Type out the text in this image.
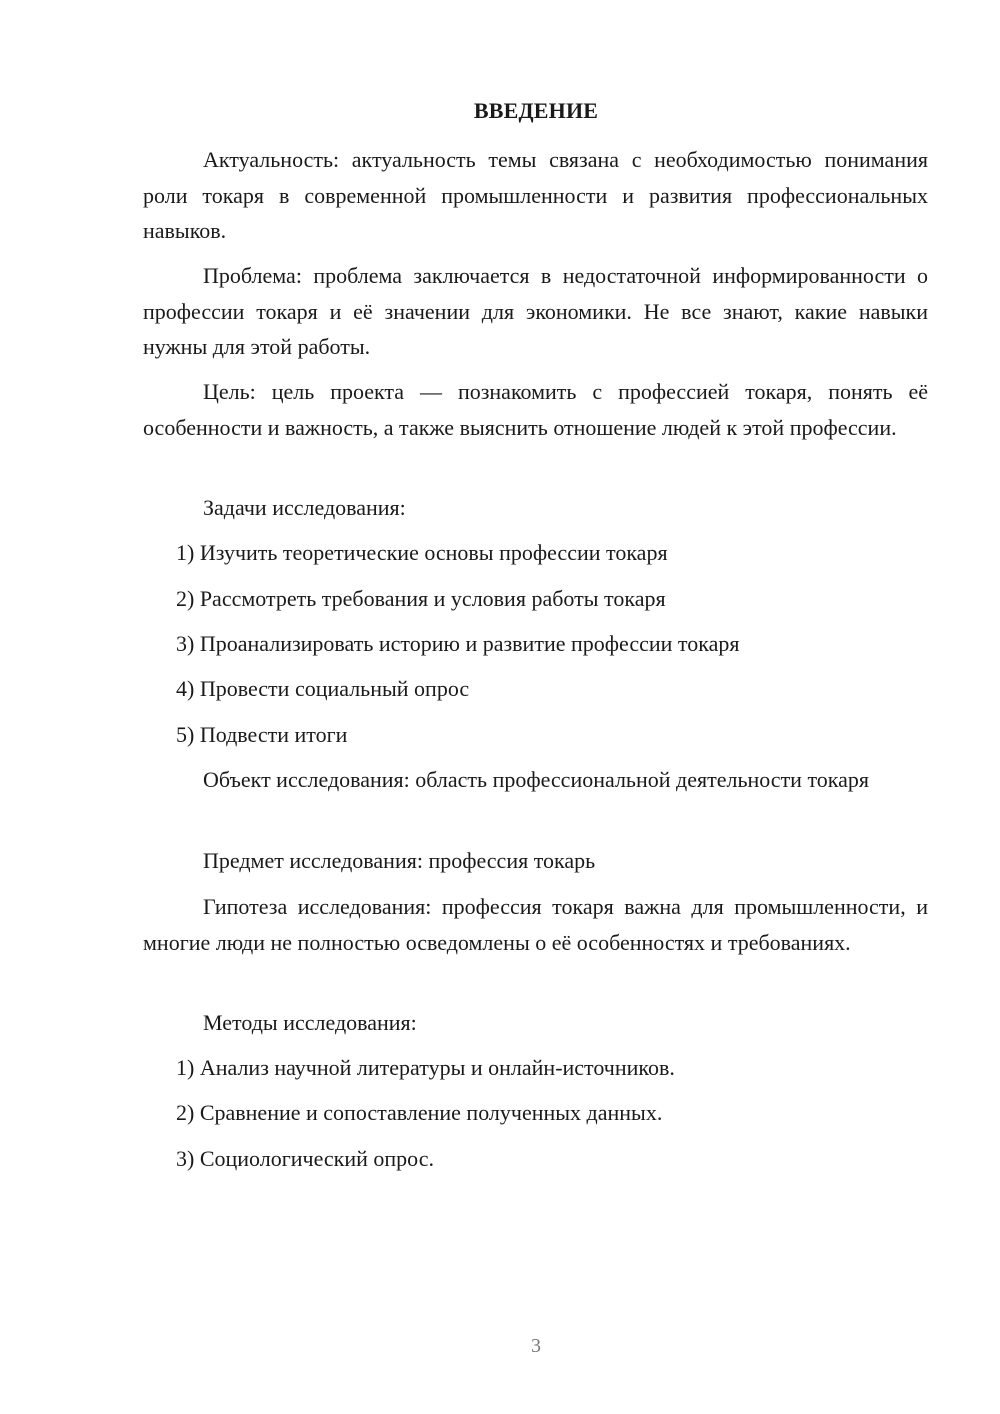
ВВЕДЕНИЕ

Актуальность: актуальность темы связана с необходимостью понимания роли токаря в современной промышленности и развития профессиональных навыков.

Проблема: проблема заключается в недостаточной информированности о профессии токаря и её значении для экономики. Не все знают, какие навыки нужны для этой работы.

Цель: цель проекта — познакомить с профессией токаря, понять её особенности и важность, а также выяснить отношение людей к этой профессии.

Задачи исследования:

1) Изучить теоретические основы профессии токаря
2) Рассмотреть требования и условия работы токаря
3) Проанализировать историю и развитие профессии токаря
4) Провести социальный опрос
5) Подвести итоги

Объект исследования: область профессиональной деятельности токаря

Предмет исследования: профессия токарь

Гипотеза исследования: профессия токаря важна для промышленности, и многие люди не полностью осведомлены о её особенностях и требованиях.

Методы исследования:

1) Анализ научной литературы и онлайн-источников.
2) Сравнение и сопоставление полученных данных.
3) Социологический опрос.
3
